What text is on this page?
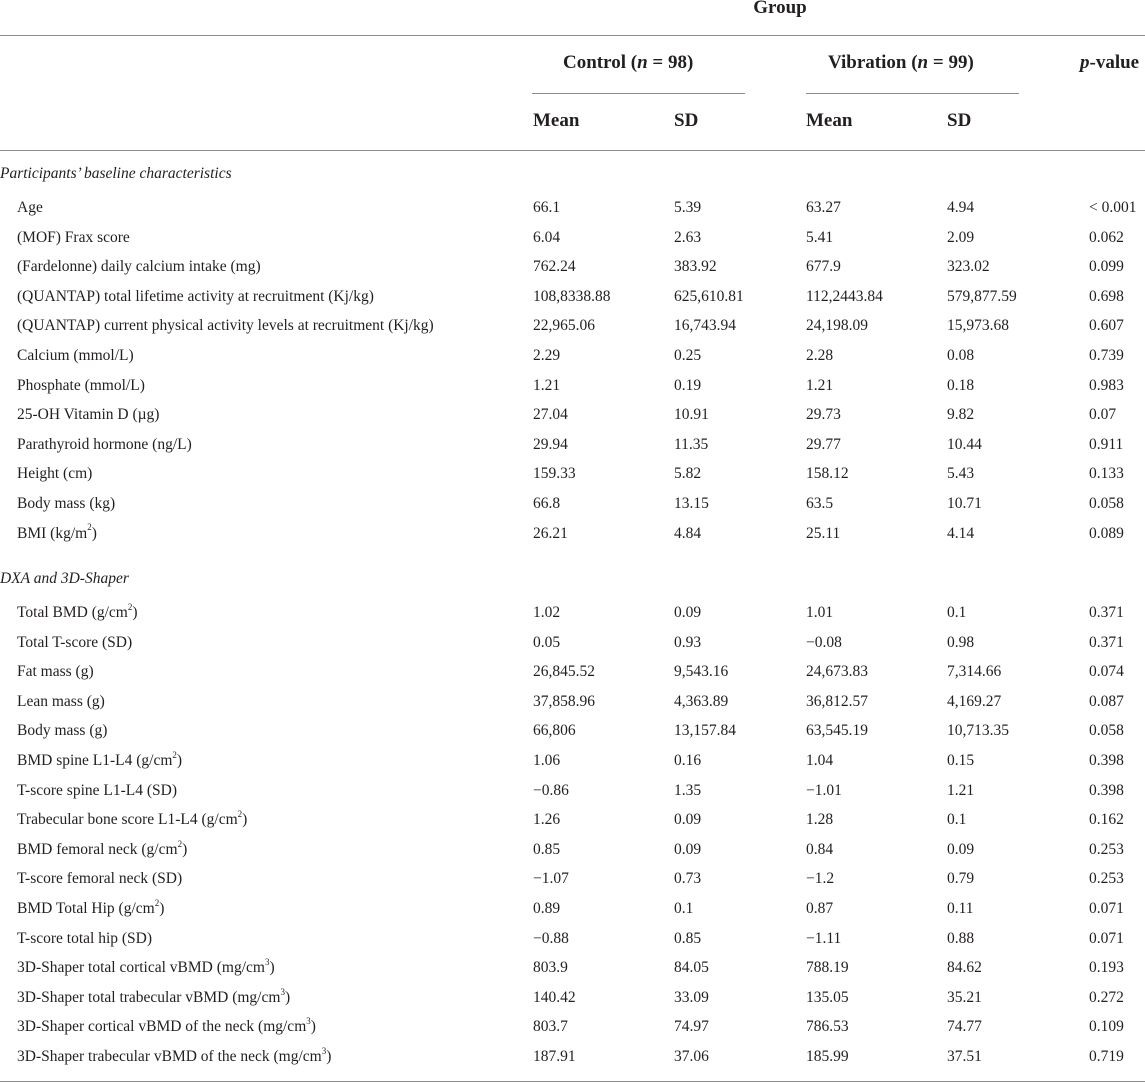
Group
Control (n = 98)	Vibration (n = 99)	p-value
Mean	SD	Mean	SD
Participants’ baseline characteristics
Age	66.1	5.39	63.27	4.94	< 0.001
(MOF) Frax score	6.04	2.63	5.41	2.09	0.062
(Fardelonne) daily calcium intake (mg)	762.24	383.92	677.9	323.02	0.099
(QUANTAP) total lifetime activity at recruitment (Kj/kg)	108,8338.88	625,610.81	112,2443.84	579,877.59	0.698
(QUANTAP) current physical activity levels at recruitment (Kj/kg)	22,965.06	16,743.94	24,198.09	15,973.68	0.607
Calcium (mmol/L)	2.29	0.25	2.28	0.08	0.739
Phosphate (mmol/L)	1.21	0.19	1.21	0.18	0.983
25-OH Vitamin D (µg)	27.04	10.91	29.73	9.82	0.07
Parathyroid hormone (ng/L)	29.94	11.35	29.77	10.44	0.911
Height (cm)	159.33	5.82	158.12	5.43	0.133
Body mass (kg)	66.8	13.15	63.5	10.71	0.058
BMI $(kg/m^2)$	26.21	4.84	25.11	4.14	0.089
DXA and 3D-Shaper
Total BMD $(g/cm^2)$	1.02	0.09	1.01	0.1	0.371
Total T-score (SD)	0.05	0.93	−0.08	0.98	0.371
Fat mass (g)	26,845.52	9,543.16	24,673.83	7,314.66	0.074
Lean mass (g)	37,858.96	4,363.89	36,812.57	4,169.27	0.087
Body mass (g)	66,806	13,157.84	63,545.19	10,713.35	0.058
BMD spine L1-L4 $(g/cm^2)$	1.06	0.16	1.04	0.15	0.398
T-score spine L1-L4 (SD)	−0.86	1.35	−1.01	1.21	0.398
Trabecular bone score L1-L4 $(g/cm^2)$	1.26	0.09	1.28	0.1	0.162
BMD femoral neck $(g/cm^2)$	0.85	0.09	0.84	0.09	0.253
T-score femoral neck (SD)	−1.07	0.73	−1.2	0.79	0.253
BMD Total Hip $(g/cm^2)$	0.89	0.1	0.87	0.11	0.071
T-score total hip (SD)	−0.88	0.85	−1.11	0.88	0.071
3D-Shaper total cortical vBMD $(mg/cm^3)$	803.9	84.05	788.19	84.62	0.193
3D-Shaper total trabecular vBMD $(mg/cm^3)$	140.42	33.09	135.05	35.21	0.272
3D-Shaper cortical vBMD of the neck $(mg/cm^3)$	803.7	74.97	786.53	74.77	0.109
3D-Shaper trabecular vBMD of the neck $(mg/cm^3)$	187.91	37.06	185.99	37.51	0.719
